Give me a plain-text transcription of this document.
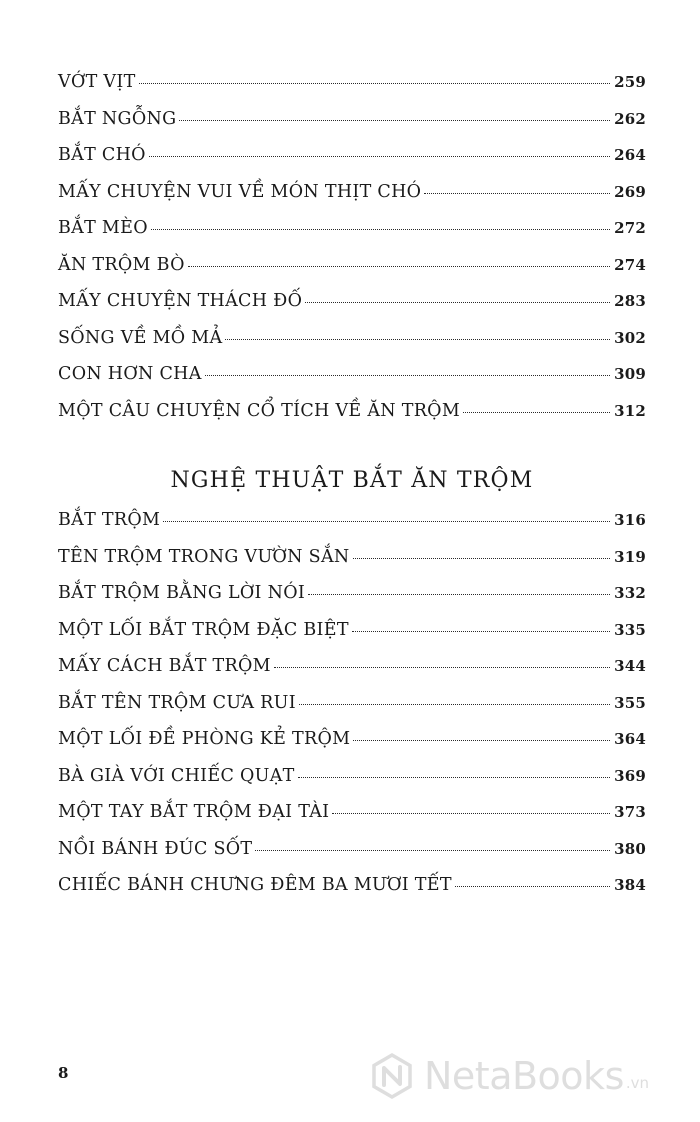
VỚT VỊT	259
BẮT NGỖNG	262
BẮT CHÓ	264
MẤY CHUYỆN VUI VỀ MÓN THỊT CHÓ	269
BẮT MÈO	272
ĂN TRỘM BÒ	274
MẤY CHUYỆN THÁCH ĐỐ	283
SỐNG VỀ MỒ MẢ	302
CON HƠN CHA	309
MỘT CÂU CHUYỆN CỔ TÍCH VỀ ĂN TRỘM	312
NGHỆ THUẬT BẮT ĂN TRỘM
BẮT TRỘM	316
TÊN TRỘM TRONG VƯỜN SẮN	319
BẮT TRỘM BẰNG LỜI NÓI	332
MỘT LỐI BẮT TRỘM ĐẶC BIỆT	335
MẤY CÁCH BẮT TRỘM	344
BẮT TÊN TRỘM CƯA RUI	355
MỘT LỐI ĐỀ PHÒNG KẺ TRỘM	364
BÀ GIÀ VỚI CHIẾC QUẠT	369
MỘT TAY BẮT TRỘM ĐẠI TÀI	373
NỒI BÁNH ĐÚC SỐT	380
CHIẾC BÁNH CHƯNG ĐÊM BA MƯƠI TẾT	384
8	NetaBooks .vn
